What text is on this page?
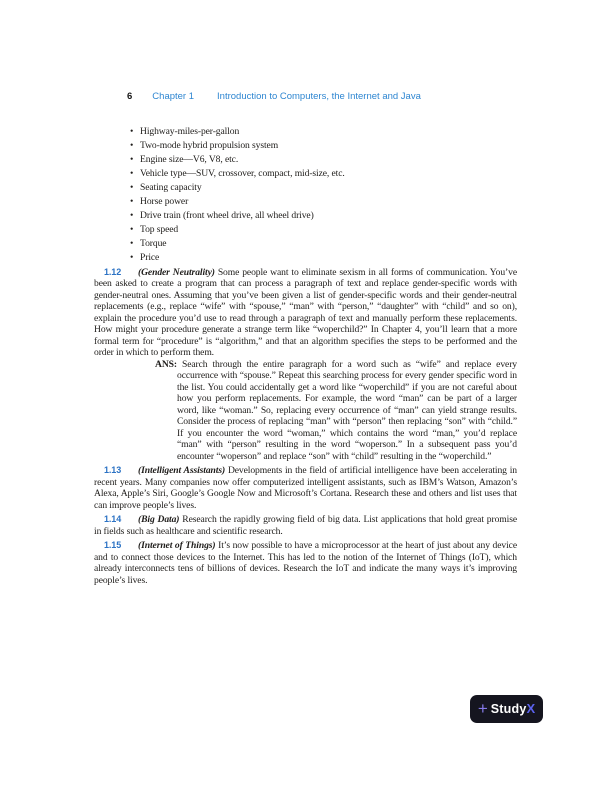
6 Chapter 1 Introduction to Computers, the Internet and Java
• Highway-miles-per-gallon
• Two-mode hybrid propulsion system
• Engine size—V6, V8, etc.
• Vehicle type—SUV, crossover, compact, mid-size, etc.
• Seating capacity
• Horse power
• Drive train (front wheel drive, all wheel drive)
• Top speed
• Torque
• Price

1.12 (Gender Neutrality) Some people want to eliminate sexism in all forms of communication. You’ve been asked to create a program that can process a paragraph of text and replace gender-specific words with gender-neutral ones. Assuming that you’ve been given a list of gender-specific words and their gender-neutral replacements (e.g., replace “wife” with “spouse,” “man” with “person,” “daughter” with “child” and so on), explain the procedure you’d use to read through a paragraph of text and manually perform these replacements. How might your procedure generate a strange term like “woperchild?” In Chapter 4, you’ll learn that a more formal term for “procedure” is “algorithm,” and that an algorithm specifies the steps to be performed and the order in which to perform them.

ANS: Search through the entire paragraph for a word such as “wife” and replace every occurrence with “spouse.” Repeat this searching process for every gender specific word in the list. You could accidentally get a word like “woperchild” if you are not careful about how you perform replacements. For example, the word “man” can be part of a larger word, like “woman.” So, replacing every occurrence of “man” can yield strange results. Consider the process of replacing “man” with “person” then replacing “son” with “child.” If you encounter the word “woman,” which contains the word “man,” you’d replace “man” with “person” resulting in the word “woperson.” In a subsequent pass you’d encounter “woperson” and replace “son” with “child” resulting in the “woperchild.”

1.13 (Intelligent Assistants) Developments in the field of artificial intelligence have been accelerating in recent years. Many companies now offer computerized intelligent assistants, such as IBM’s Watson, Amazon’s Alexa, Apple’s Siri, Google’s Google Now and Microsoft’s Cortana. Research these and others and list uses that can improve people’s lives.

1.14 (Big Data) Research the rapidly growing field of big data. List applications that hold great promise in fields such as healthcare and scientific research.

1.15 (Internet of Things) It’s now possible to have a microprocessor at the heart of just about any device and to connect those devices to the Internet. This has led to the notion of the Internet of Things (IoT), which already interconnects tens of billions of devices. Research the IoT and indicate the many ways it’s improving people’s lives.

+ StudyX
